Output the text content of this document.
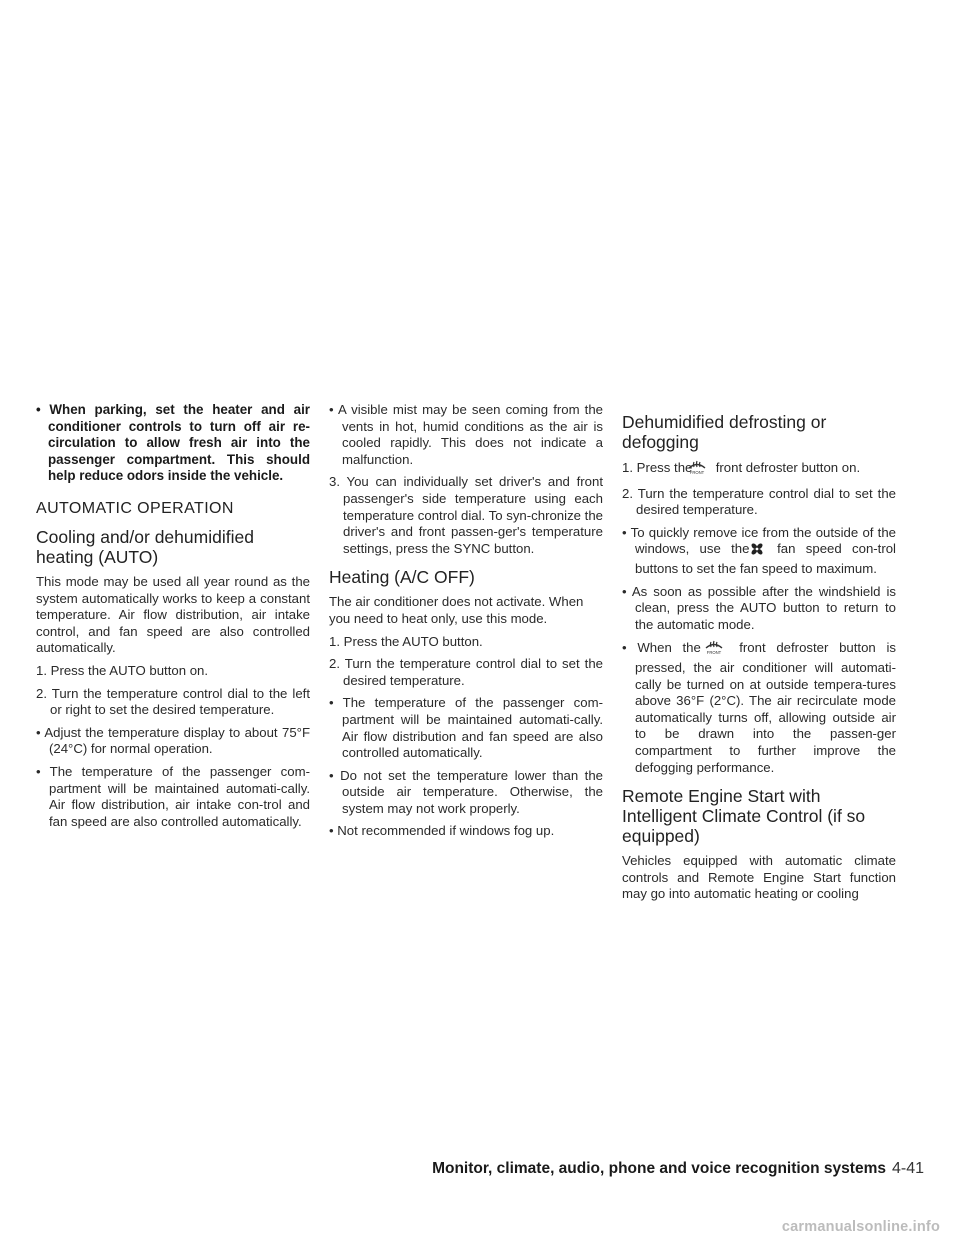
• When parking, set the heater and air conditioner controls to turn off air re-circulation to allow fresh air into the passenger compartment. This should help reduce odors inside the vehicle.

AUTOMATIC OPERATION
Cooling and/or dehumidified heating (AUTO)

This mode may be used all year round as the system automatically works to keep a constant temperature. Air flow distribution, air intake control, and fan speed are also controlled automatically.

1. Press the AUTO button on.

2. Turn the temperature control dial to the left or right to set the desired temperature.

• Adjust the temperature display to about 75°F (24°C) for normal operation.

• The temperature of the passenger com-partment will be maintained automati-cally. Air flow distribution, air intake con-trol and fan speed are also controlled automatically.

• A visible mist may be seen coming from the vents in hot, humid conditions as the air is cooled rapidly. This does not indicate a malfunction.

3. You can individually set driver's and front passenger's side temperature using each temperature control dial. To syn-chronize the driver's and front passen-ger's temperature settings, press the SYNC button.

Heating (A/C OFF)

The air conditioner does not activate. When you need to heat only, use this mode.

1. Press the AUTO button.

2. Turn the temperature control dial to set the desired temperature.

• The temperature of the passenger com-partment will be maintained automati-cally. Air flow distribution and fan speed are also controlled automatically.

• Do not set the temperature lower than the outside air temperature. Otherwise, the system may not work properly.

• Not recommended if windows fog up.

Dehumidified defrosting or defogging

1. Press the
FRONT front defroster button on.

2. Turn the temperature control dial to set the desired temperature.

• To quickly remove ice from the outside of the windows, use the fan speed con-trol buttons to set the fan speed to maximum.

• As soon as possible after the windshield is clean, press the AUTO button to return to the automatic mode.

• When the FRONT front defroster button is pressed, the air conditioner will automati-cally be turned on at outside tempera-tures above 36°F (2°C). The air recirculate mode automatically turns off, allowing outside air to be drawn into the passen-ger compartment to further improve the defogging performance.

Remote Engine Start with Intelligent Climate Control (if so equipped)

Vehicles equipped with automatic climate controls and Remote Engine Start function may go into automatic heating or cooling

Monitor, climate, audio, phone and voice recognition systems 4-41
carmanualsonline.info
